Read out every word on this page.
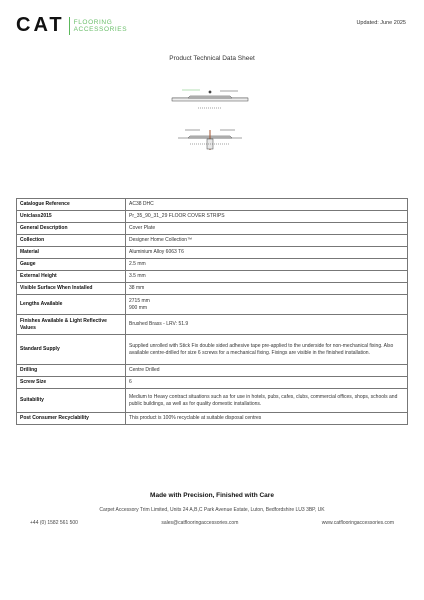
CAT FLOORING
ACCESSORIES
Updated: June 2025
Product Technical Data Sheet
Catalogue Reference	AC38 DHC
Uniclass2015	Pr_35_90_31_29 FLOOR COVER STRIPS
General Description	Cover Plate
Collection	Designer Home Collection™
Material	Aluminium Alloy 6063 T6
Gauge	2.5 mm
External Height	3.5 mm
Visible Surface When Installed	38 mm
Lengths Available	2715 mm
900 mm
Finishes Available & Light Reflective Values	Brushed Brass - LRV: 51.9
Standard Supply	Supplied unrolled with Stick Fix double sided adhesive tape pre-applied to the underside for non-mechanical fixing. Also available centre-drilled for size 6 screws for a mechanical fixing. Fixings are visible in the finished installation.
Drilling	Centre Drilled
Screw Size	6
Suitability	Medium to Heavy contract situations such as for use in hotels, pubs, cafes, clubs, commercial offices, shops, schools and public buildings, as well as for quality domestic installations.
Post Consumer Recyclability	This product is 100% recyclable at suitable disposal centres
Made with Precision, Finished with Care
Carpet Accessory Trim Limited, Units 24 A,B,C Park Avenue Estate, Luton, Bedfordshire LU3 3BP, UK
+44 (0) 1582 561 500	sales@catflooringaccessories.com	www.catflooringaccessories.com
